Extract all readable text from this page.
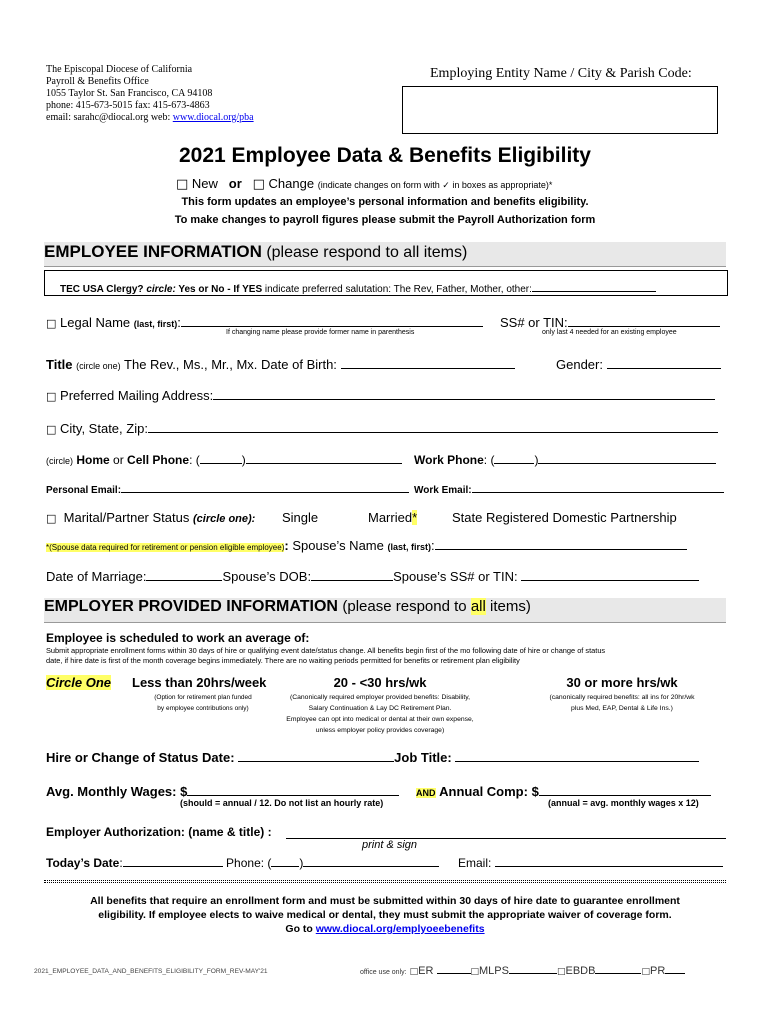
The Episcopal Diocese of California
Payroll & Benefits Office
1055 Taylor St. San Francisco, CA 94108
phone: 415-673-5015 fax: 415-673-4863
email: sarahc@diocal.org web: www.diocal.org/pba
Employing Entity Name / City & Parish Code:
2021 Employee Data & Benefits Eligibility
□ New or □ Change (indicate changes on form with ✓ in boxes as appropriate)*
This form updates an employee’s personal information and benefits eligibility.
To make changes to payroll figures please submit the Payroll Authorization form
EMPLOYEE INFORMATION (please respond to all items)
TEC USA Clergy? circle: Yes or No - If YES indicate preferred salutation: The Rev, Father, Mother, other:
□ Legal Name (last, first):	SS# or TIN:
If changing name please provide former name in parenthesis	only last 4 needed for an existing employee
Title (circle one) The Rev., Ms., Mr., Mx. Date of Birth:	Gender:
□ Preferred Mailing Address:
□ City, State, Zip:
(circle) Home or Cell Phone: (	)	Work Phone: (	)
Personal Email:	Work Email:
□ Marital/Partner Status (circle one): Single	Married*	State Registered Domestic Partnership
*(Spouse data required for retirement or pension eligible employee): Spouse’s Name (last, first):
Date of Marriage:	Spouse’s DOB:	Spouse’s SS# or TIN:
EMPLOYER PROVIDED INFORMATION (please respond to all items)
Employee is scheduled to work an average of:
Submit appropriate enrollment forms within 30 days of hire or qualifying event date/status change. All benefits begin first of the mo following date of hire or change of status
date, if hire date is first of the month coverage begins immediately. There are no waiting periods permitted for benefits or retirement plan eligibility
Circle One Less than 20hrs/week
(Option for retirement plan funded
by employee contributions only)
20 - <30 hrs/wk
(Canonically required employer provided benefits: Disability,
Salary Continuation & Lay DC Retirement Plan.
Employee can opt into medical or dental at their own expense,
unless employer policy provides coverage)
30 or more hrs/wk
(canonically required benefits: all ins for 20hr/wk
plus Med, EAP, Dental & Life Ins.)
Hire or Change of Status Date:	Job Title:
Avg. Monthly Wages: $	AND Annual Comp: $
(should = annual / 12. Do not list an hourly rate)	(annual = avg. monthly wages x 12)
Employer Authorization: (name & title) :
print & sign
Today’s Date:	Phone: ( )	Email:
All benefits that require an enrollment form and must be submitted within 30 days of hire date to guarantee enrollment
eligibility. If employee elects to waive medical or dental, they must submit the appropriate waiver of coverage form.
Go to www.diocal.org/emplyoeebenefits
2021_EMPLOYEE_DATA_AND_BENEFITS_ELIGIBILITY_FORM_REV-MAY'21	office use only: □ER	□MLPS	□EBDB	□PR
